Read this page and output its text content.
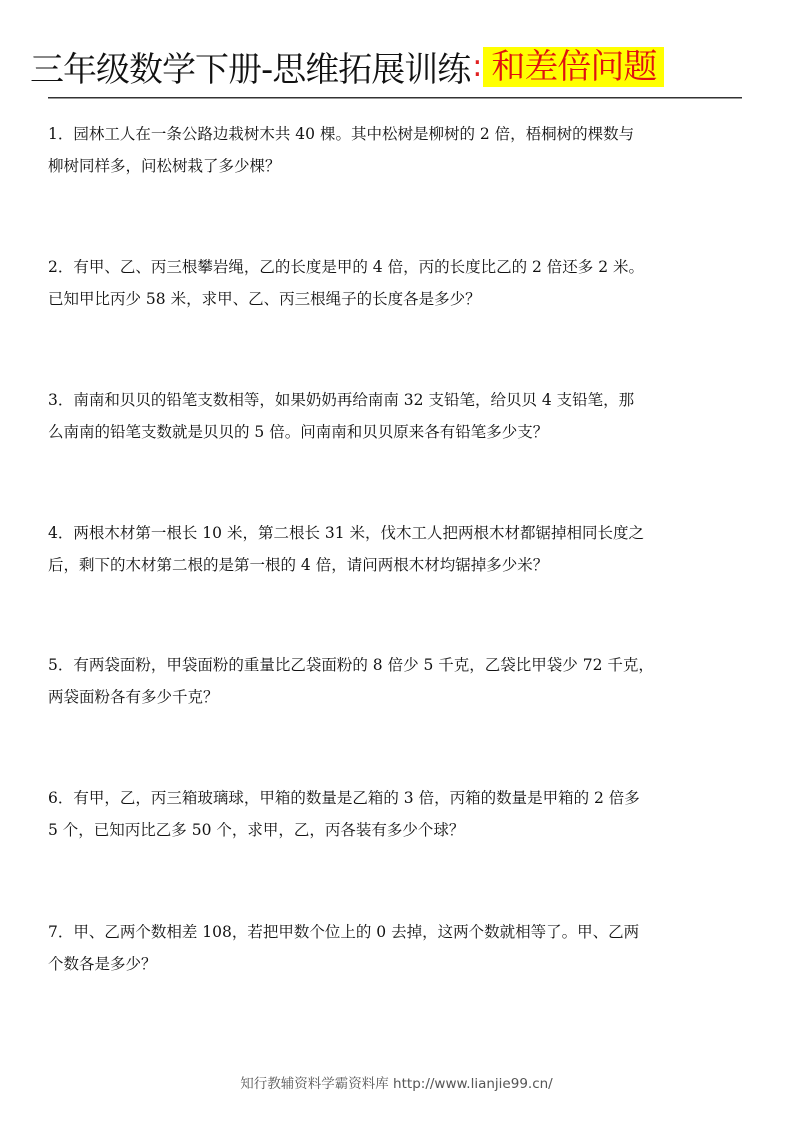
三年级数学下册-思维拓展训练 : 和差倍问题
1．园林工人在一条公路边栽树木共 40 棵。其中松树是柳树的 2 倍，梧桐树的棵数与
柳树同样多，问松树栽了多少棵？
2．有甲、乙、丙三根攀岩绳，乙的长度是甲的 4 倍，丙的长度比乙的 2 倍还多 2 米。
已知甲比丙少 58 米，求甲、乙、丙三根绳子的长度各是多少？
3．南南和贝贝的铅笔支数相等，如果奶奶再给南南 32 支铅笔，给贝贝 4 支铅笔，那
么南南的铅笔支数就是贝贝的 5 倍。问南南和贝贝原来各有铅笔多少支？
4．两根木材第一根长 10 米，第二根长 31 米，伐木工人把两根木材都锯掉相同长度之
后，剩下的木材第二根的是第一根的 4 倍，请问两根木材均锯掉多少米？
5．有两袋面粉，甲袋面粉的重量比乙袋面粉的 8 倍少 5 千克，乙袋比甲袋少 72 千克，
两袋面粉各有多少千克？
6．有甲，乙，丙三箱玻璃球，甲箱的数量是乙箱的 3 倍，丙箱的数量是甲箱的 2 倍多
5 个，已知丙比乙多 50 个，求甲，乙，丙各装有多少个球？
7．甲、乙两个数相差 108，若把甲数个位上的 0 去掉，这两个数就相等了。甲、乙两
个数各是多少？
知行教辅资料学霸资料库 http://www.lianjie99.cn/
